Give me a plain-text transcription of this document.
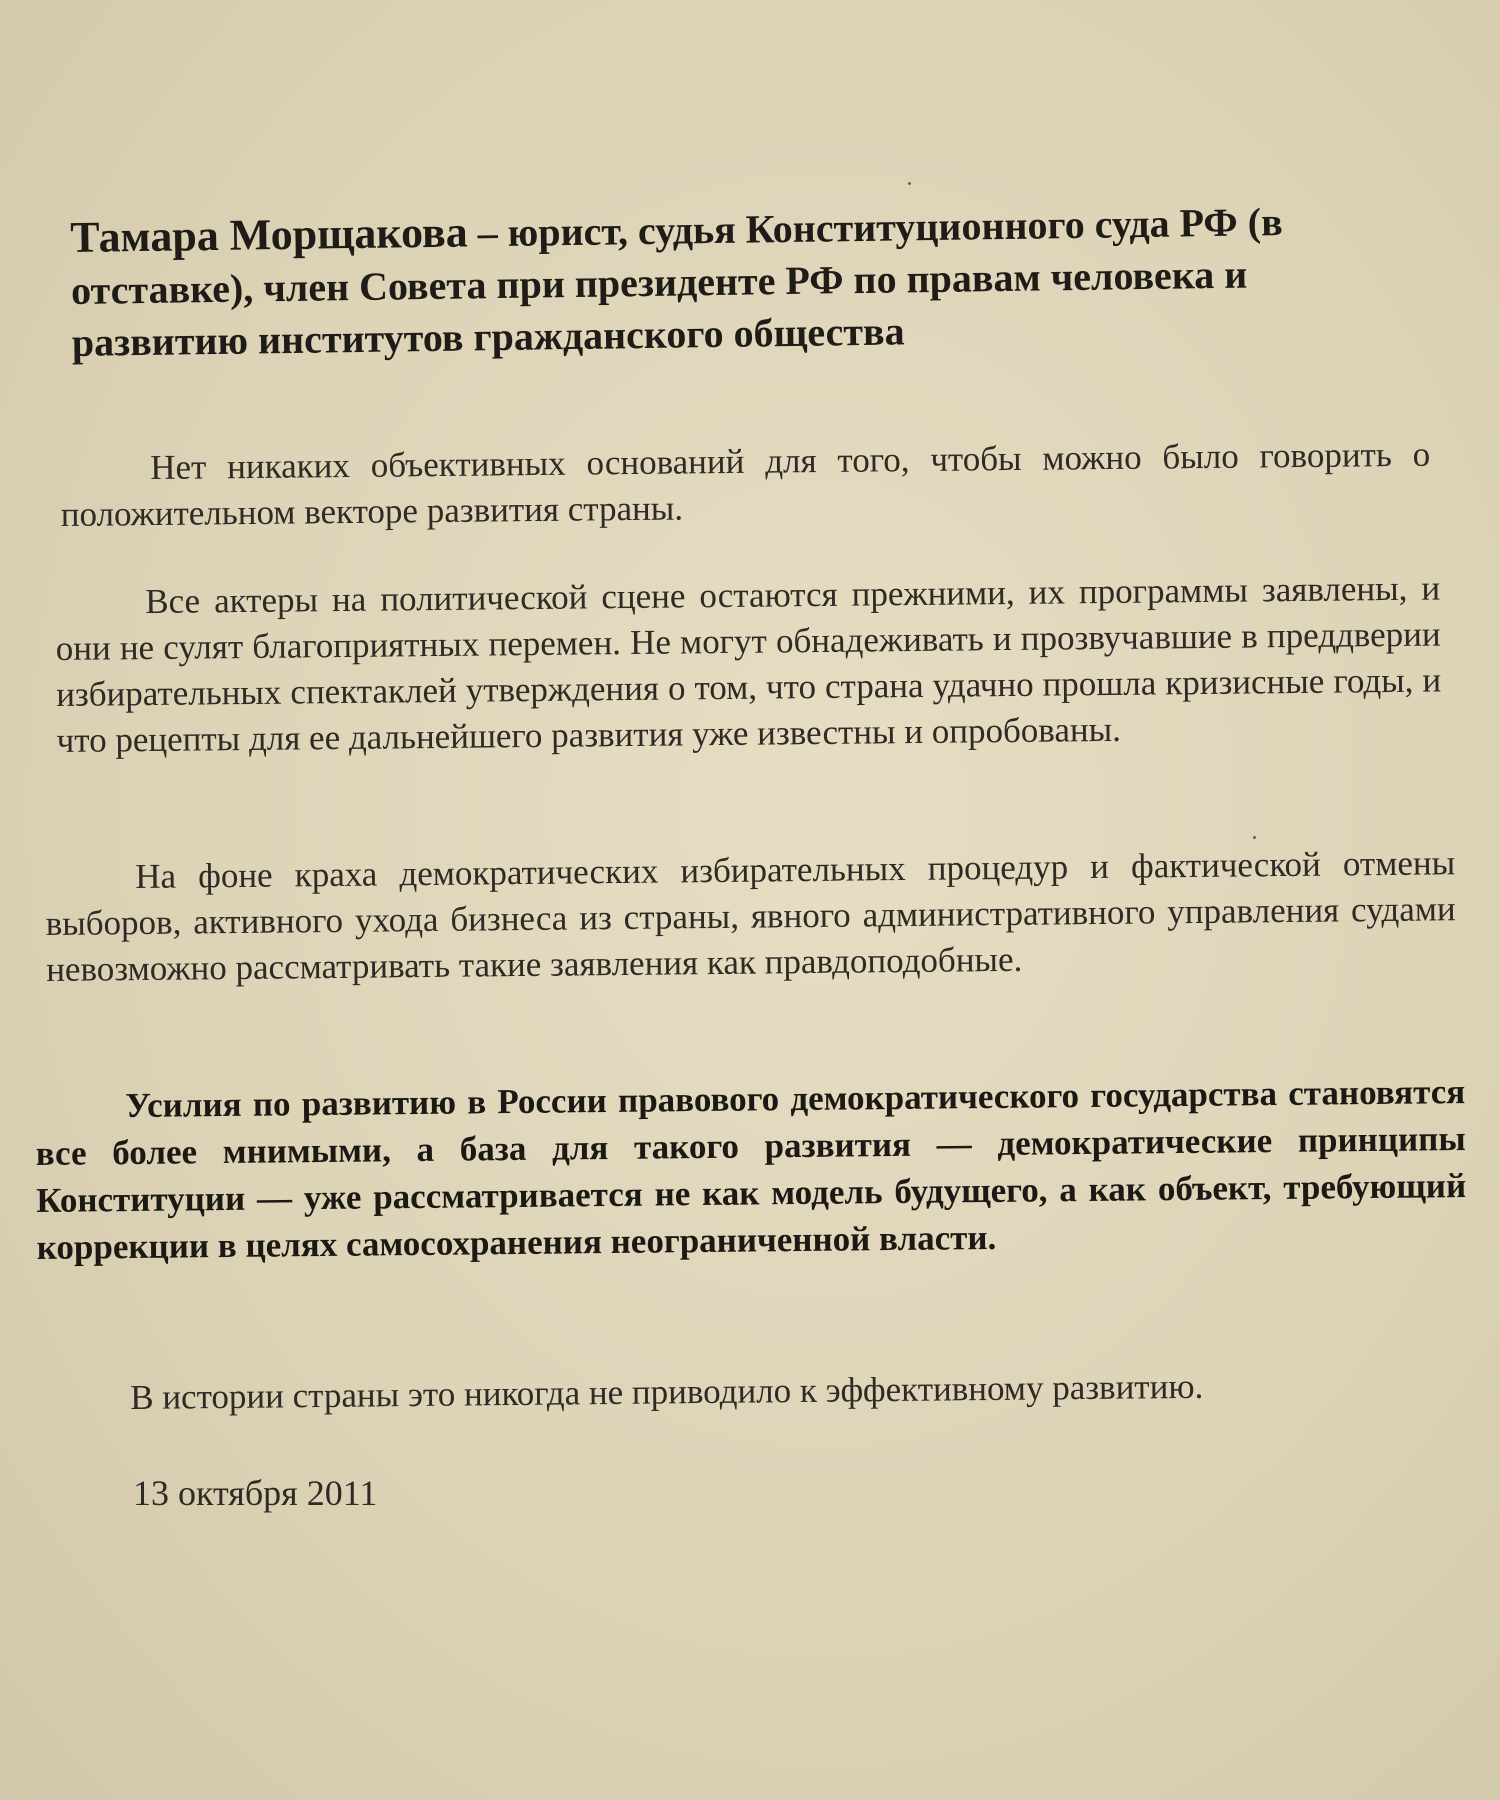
Тамара Морщакова – юрист, судья Конституционного суда РФ (в отставке), член Совета при президенте РФ по правам человека и развитию институтов гражданского общества
Нет никаких объективных оснований для того, чтобы можно было говорить о положительном векторе развития страны.
Все актеры на политической сцене остаются прежними, их программы заявлены, и они не сулят благоприятных перемен. Не могут обнадеживать и прозвучавшие в преддверии избирательных спектаклей утверждения о том, что страна удачно прошла кризисные годы, и что рецепты для ее дальнейшего развития уже известны и опробованы.
На фоне краха демократических избирательных процедур и фактической отмены выборов, активного ухода бизнеса из страны, явного административного управления судами невозможно рассматривать такие заявления как правдоподобные.
Усилия по развитию в России правового демократического государства становятся все более мнимыми, а база для такого развития — демократические принципы Конституции — уже рассматривается не как модель будущего, а как объект, требующий коррекции в целях самосохранения неограниченной власти.
В истории страны это никогда не приводило к эффективному развитию.
13 октября 2011
